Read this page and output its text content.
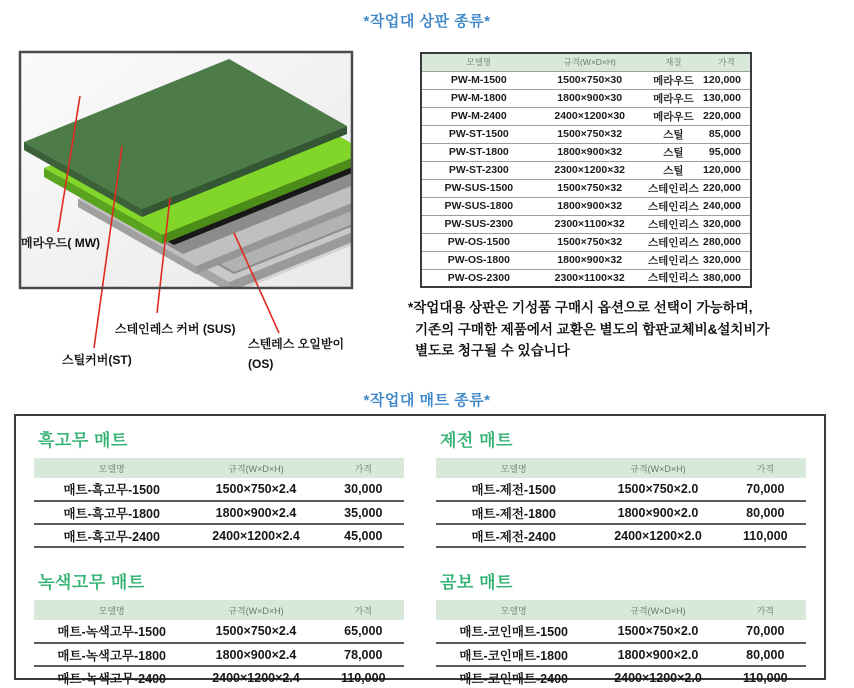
*작업대 상판 종류*
메라우드( MW)
스테인레스 커버 (SUS)
스틸커버(ST)
스텐레스 오일받이
(OS)
모델명	규격(W×D×H)	재질	가격
PW-M-1500	1500×750×30	메라우드	120,000
PW-M-1800	1800×900×30	메라우드	130,000
PW-M-2400	2400×1200×30	메라우드	220,000
PW-ST-1500	1500×750×32	스틸	85,000
PW-ST-1800	1800×900×32	스틸	95,000
PW-ST-2300	2300×1200×32	스틸	120,000
PW-SUS-1500	1500×750×32	스테인리스	220,000
PW-SUS-1800	1800×900×32	스테인리스	240,000
PW-SUS-2300	2300×1100×32	스테인리스	320,000
PW-OS-1500	1500×750×32	스테인리스	280,000
PW-OS-1800	1800×900×32	스테인리스	320,000
PW-OS-2300	2300×1100×32	스테인리스	380,000
*작업대용 상판은 기성품 구매시 옵션으로 선택이 가능하며,
기존의 구매한 제품에서 교환은 별도의 합판교체비&설치비가
별도로 청구될 수 있습니다
*작업대 매트 종류*
흑고무 매트
모델명	규격(W×D×H)	가격
매트-흑고무-1500	1500×750×2.4	30,000
매트-흑고무-1800	1800×900×2.4	35,000
매트-흑고무-2400	2400×1200×2.4	45,000
제전 매트
모델명	규격(W×D×H)	가격
매트-제전-1500	1500×750×2.0	70,000
매트-제전-1800	1800×900×2.0	80,000
매트-제전-2400	2400×1200×2.0	110,000
녹색고무 매트
모델명	규격(W×D×H)	가격
매트-녹색고무-1500	1500×750×2.4	65,000
매트-녹색고무-1800	1800×900×2.4	78,000
매트-녹색고무-2400	2400×1200×2.4	110,000
곰보 매트
모델명	규격(W×D×H)	가격
매트-코인매트-1500	1500×750×2.0	70,000
매트-코인매트-1800	1800×900×2.0	80,000
매트-코인매트-2400	2400×1200×2.0	110,000
